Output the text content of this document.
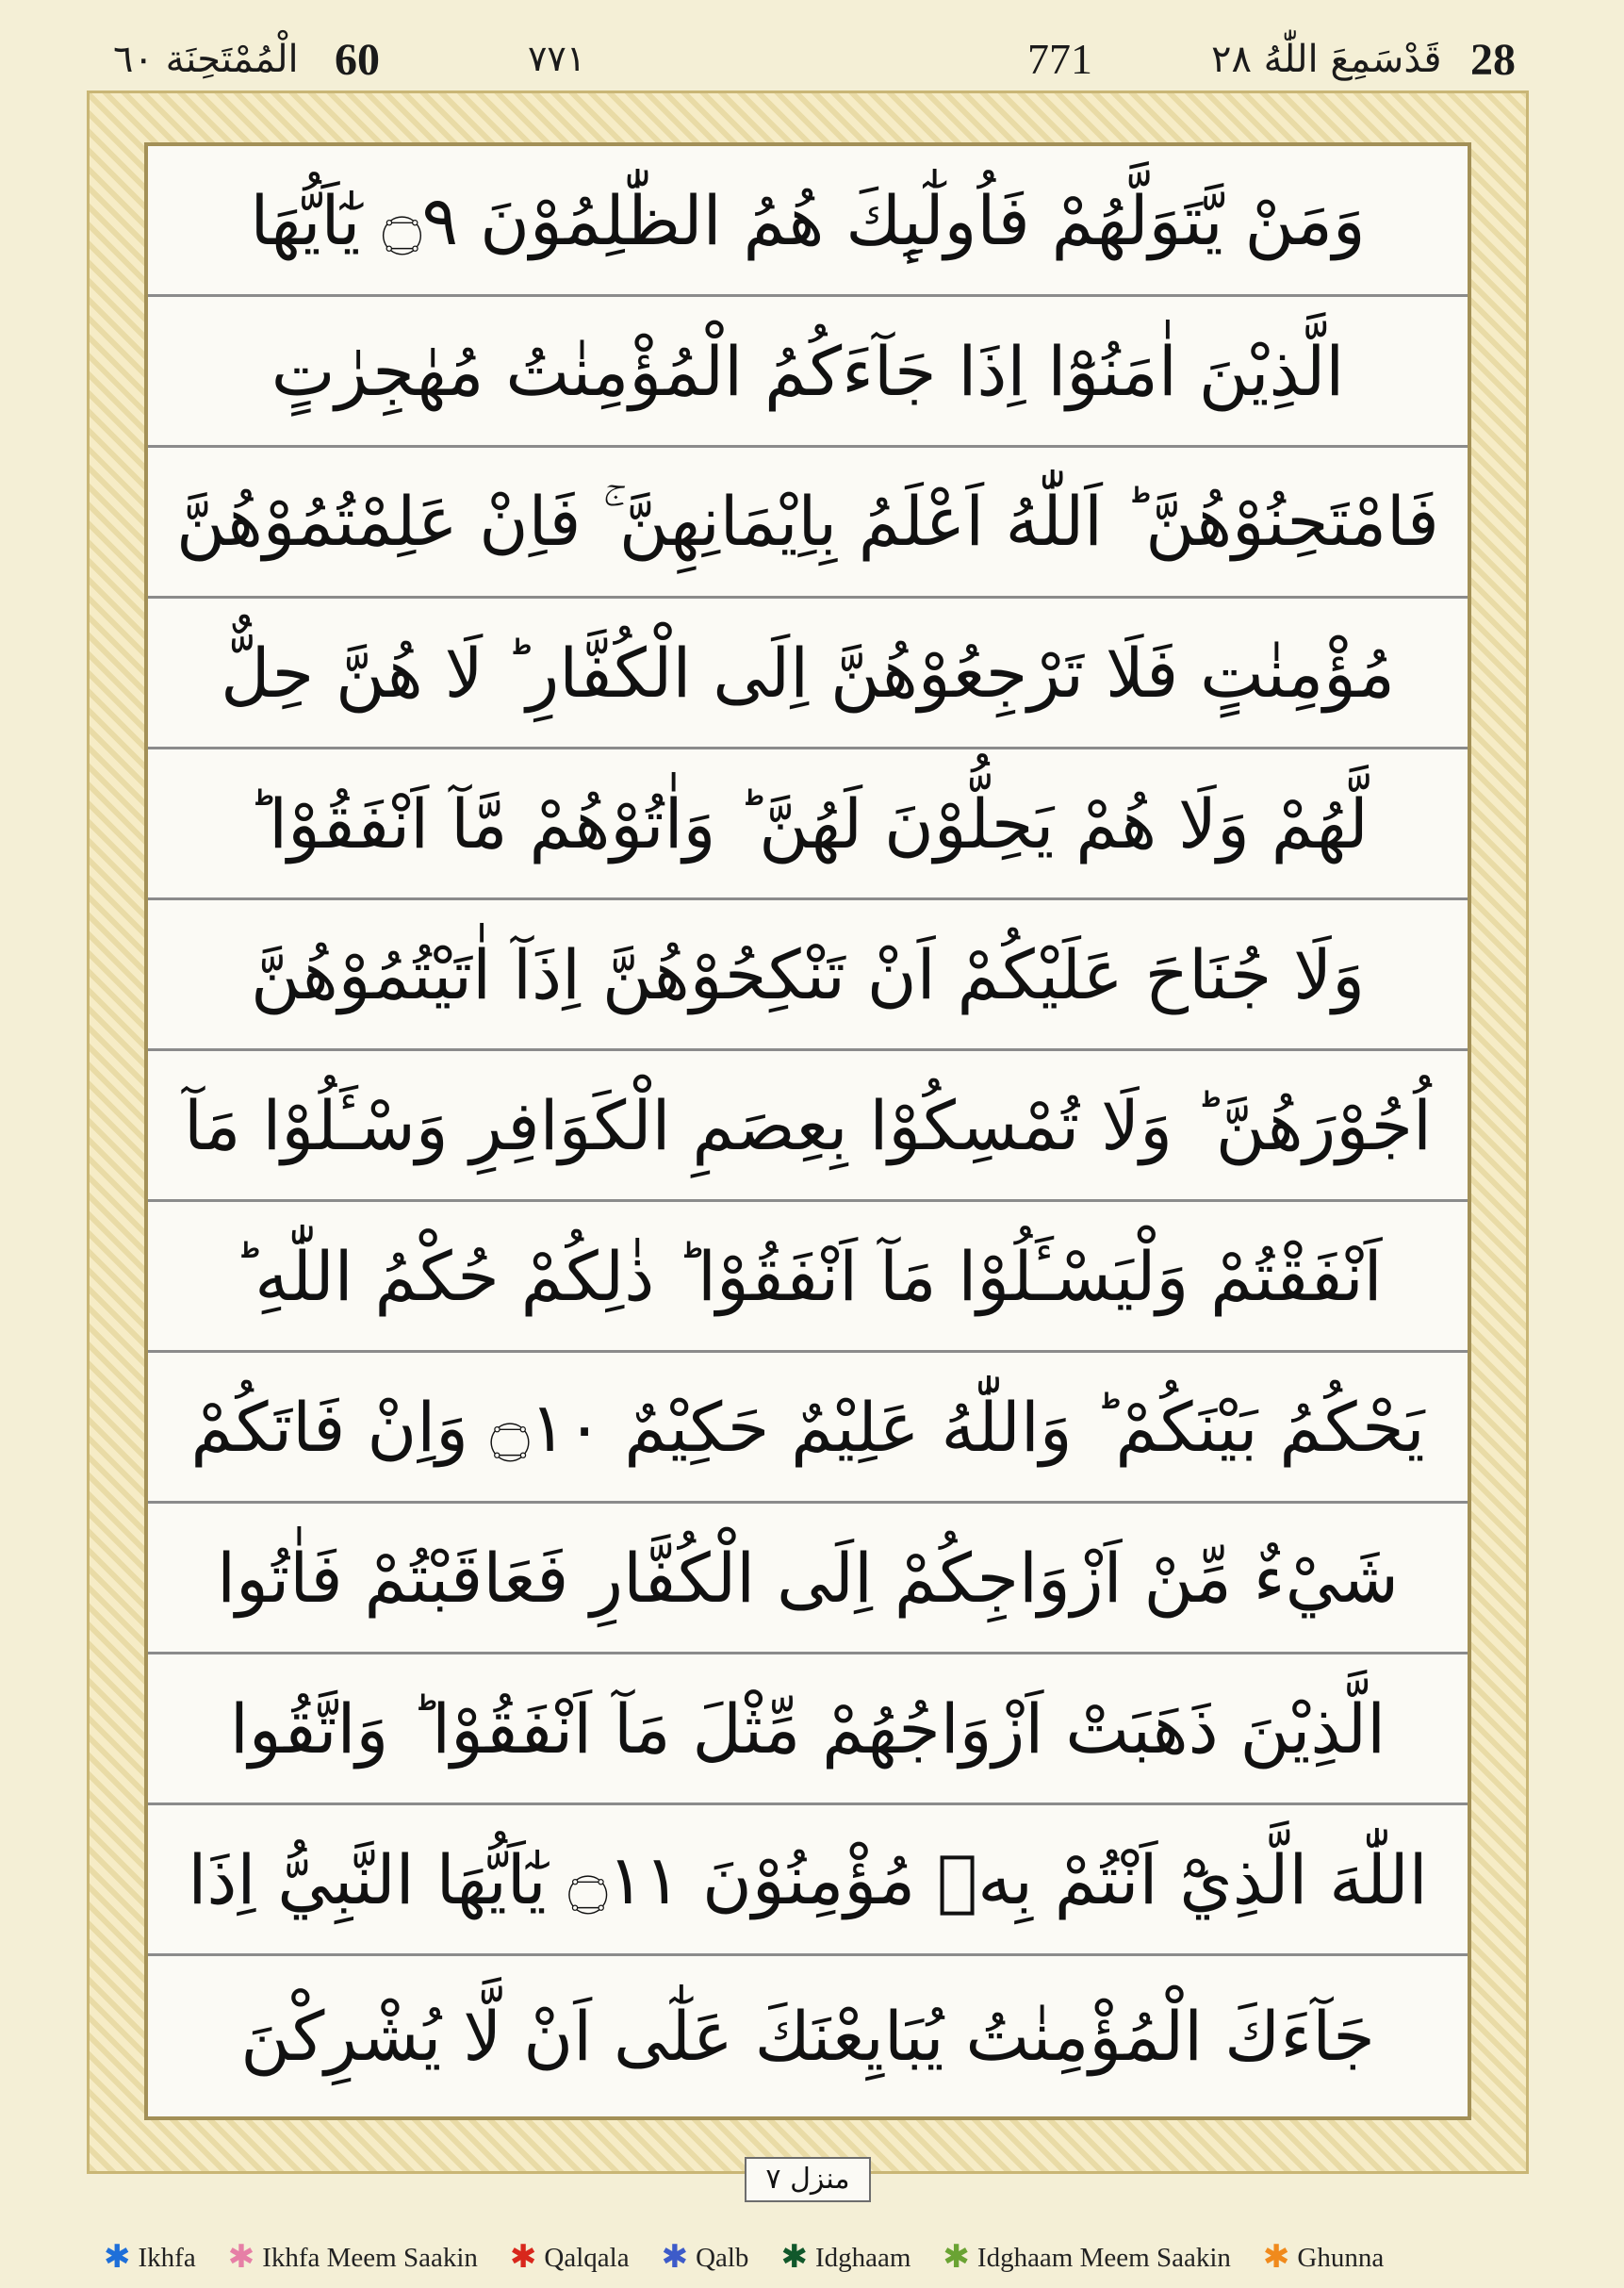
الْمُمْتَحِنَة ٦٠ 60	٧٧١	771	قَدْسَمِعَ اللّٰهُ ٢٨ 28
وَمَنْ يَّتَوَلَّهُمْ فَاُولٰٓىِٕكَ هُمُ الظّٰلِمُوْنَ ۝٩ يٰٓاَيُّهَا
الَّذِيْنَ اٰمَنُوْٓا اِذَا جَآءَكُمُ الْمُؤْمِنٰتُ مُهٰجِرٰتٍ
فَامْتَحِنُوْهُنَّ ؕ اَللّٰهُ اَعْلَمُ بِاِيْمَانِهِنَّ ۚ فَاِنْ عَلِمْتُمُوْهُنَّ
مُؤْمِنٰتٍ فَلَا تَرْجِعُوْهُنَّ اِلَى الْكُفَّارِ ؕ لَا هُنَّ حِلٌّ
لَّهُمْ وَلَا هُمْ يَحِلُّوْنَ لَهُنَّ ؕ وَاٰتُوْهُمْ مَّآ اَنْفَقُوْا ؕ
وَلَا جُنَاحَ عَلَيْكُمْ اَنْ تَنْكِحُوْهُنَّ اِذَآ اٰتَيْتُمُوْهُنَّ
اُجُوْرَهُنَّ ؕ وَلَا تُمْسِكُوْا بِعِصَمِ الْكَوَافِرِ وَسْـَٔلُوْا مَآ
اَنْفَقْتُمْ وَلْيَسْـَٔلُوْا مَآ اَنْفَقُوْا ؕ ذٰلِكُمْ حُكْمُ اللّٰهِ ؕ
يَحْكُمُ بَيْنَكُمْ ؕ وَاللّٰهُ عَلِيْمٌ حَكِيْمٌ ۝١٠ وَاِنْ فَاتَكُمْ
شَيْءٌ مِّنْ اَزْوَاجِكُمْ اِلَى الْكُفَّارِ فَعَاقَبْتُمْ فَاٰتُوا
الَّذِيْنَ ذَهَبَتْ اَزْوَاجُهُمْ مِّثْلَ مَآ اَنْفَقُوْا ؕ وَاتَّقُوا
اللّٰهَ الَّذِيْٓ اَنْتُمْ بِهٖ مُؤْمِنُوْنَ ۝١١ يٰٓاَيُّهَا النَّبِيُّ اِذَا
جَآءَكَ الْمُؤْمِنٰتُ يُبَايِعْنَكَ عَلٰٓى اَنْ لَّا يُشْرِكْنَ
منزل ٧
✱ Ikhfa ✱ Ikhfa Meem Saakin ✱ Qalqala ✱ Qalb ✱ Idghaam ✱ Idghaam Meem Saakin ✱ Ghunna
